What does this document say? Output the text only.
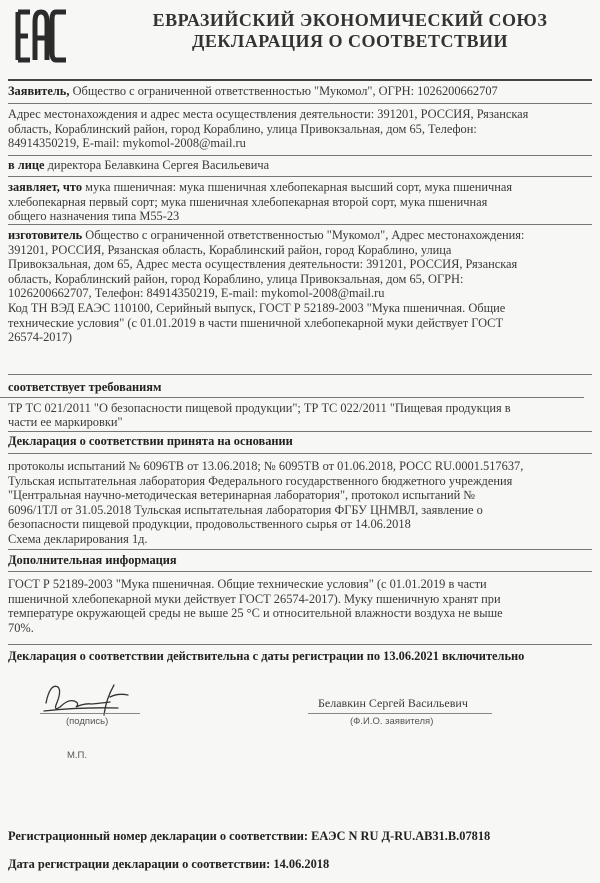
ЕВРАЗИЙСКИЙ ЭКОНОМИЧЕСКИЙ СОЮЗ
ДЕКЛАРАЦИЯ О СООТВЕТСТВИИ
Заявитель, Общество с ограниченной ответственностью "Мукомол", ОГРН: 1026200662707
Адрес местонахождения и адрес места осуществления деятельности: 391201, РОССИЯ, Рязанская
область, Кораблинский район, город Кораблино, улица Привокзальная, дом 65, Телефон:
84914350219, E-mail: mykomol-2008@mail.ru
в лице директора Белавкина Сергея Васильевича
заявляет, что мука пшеничная: мука пшеничная хлебопекарная высший сорт, мука пшеничная
хлебопекарная первый сорт; мука пшеничная хлебопекарная второй сорт, мука пшеничная
общего назначения типа М55-23
изготовитель Общество с ограниченной ответственностью "Мукомол", Адрес местонахождения:
391201, РОССИЯ, Рязанская область, Кораблинский район, город Кораблино, улица
Привокзальная, дом 65, Адрес места осуществления деятельности: 391201, РОССИЯ, Рязанская
область, Кораблинский район, город Кораблино, улица Привокзальная, дом 65, ОГРН:
1026200662707, Телефон: 84914350219, E-mail: mykomol-2008@mail.ru
Код ТН ВЭД ЕАЭС 110100, Серийный выпуск, ГОСТ Р 52189-2003 "Мука пшеничная. Общие
технические условия" (с 01.01.2019 в части пшеничной хлебопекарной муки действует ГОСТ
26574-2017)
соответствует требованиям
ТР ТС 021/2011 "О безопасности пищевой продукции"; ТР ТС 022/2011 "Пищевая продукция в
части ее маркировки"
Декларация о соответствии принята на основании
протоколы испытаний № 6096ТВ от 13.06.2018; № 6095ТВ от 01.06.2018, РОСС RU.0001.517637,
Тульская испытательная лаборатория Федерального государственного бюджетного учреждения
"Центральная научно-методическая ветеринарная лаборатория", протокол испытаний №
6096/1ТЛ от 31.05.2018 Тульская испытательная лаборатория ФГБУ ЦНМВЛ, заявление о
безопасности пищевой продукции, продовольственного сырья от 14.06.2018
Схема декларирования 1д.
Дополнительная информация
ГОСТ Р 52189-2003 "Мука пшеничная. Общие технические условия" (с 01.01.2019 в части
пшеничной хлебопекарной муки действует ГОСТ 26574-2017). Муку пшеничную хранят при
температуре окружающей среды не выше 25 °С и относительной влажности воздуха не выше
70%.
Декларация о соответствии действительна с даты регистрации по 13.06.2021 включительно
(подпись)
Белавкин Сергей Васильевич
(Ф.И.О. заявителя)
М.П.
Регистрационный номер декларации о соответствии: ЕАЭС N RU Д-RU.АВ31.В.07818
Дата регистрации декларации о соответствии: 14.06.2018
